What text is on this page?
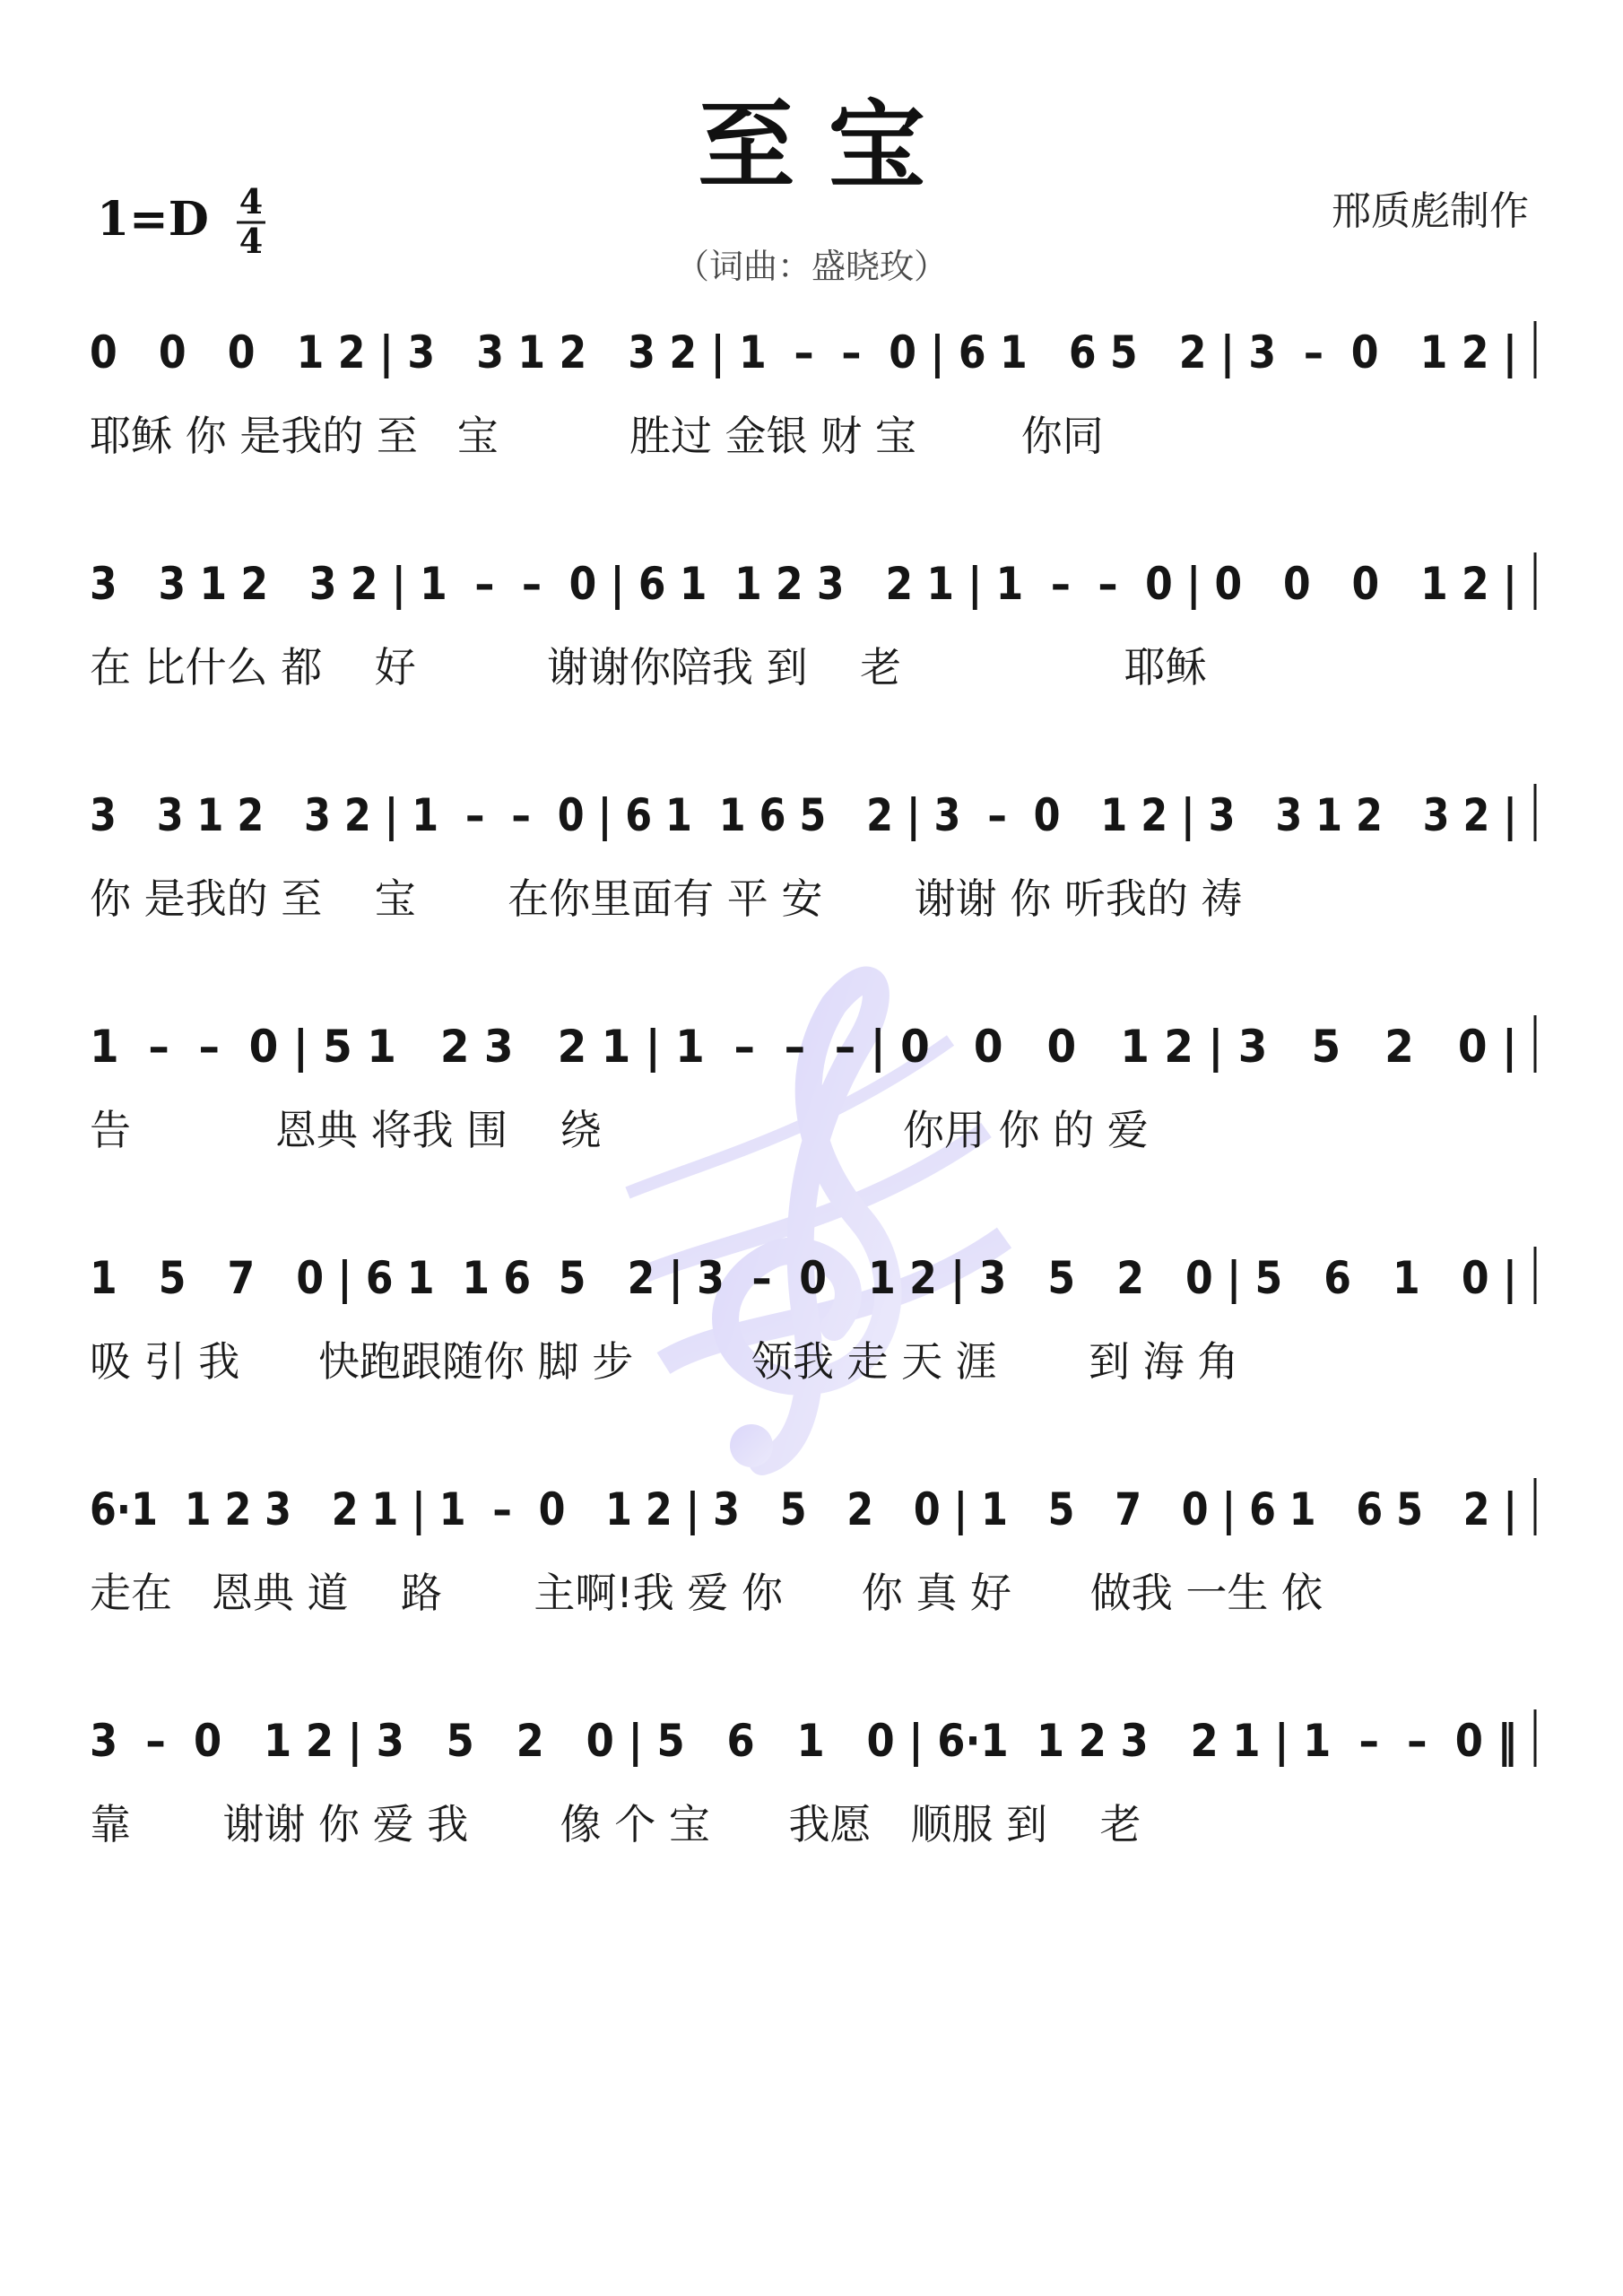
至 宝
1=D 4
4
邢质彪制作
（词曲：盛晓玫）
0   0   0   1 2 | 3   3 1 2   3 2 | 1  –  –  0 | 6 1   6 5   2 | 3  –  0   1 2 |
耶稣 你 是我的 至   宝          胜过 金银 财 宝        你同
3   3 1 2   3 2 | 1  –  –  0 | 6 1  1 2 3   2 1 | 1  –  –  0 | 0   0   0   1 2 |
在 比什么 都    好          谢谢你陪我 到    老                 耶稣
3   3 1 2   3 2 | 1  –  –  0 | 6 1  1 6 5   2 | 3  –  0   1 2 | 3   3 1 2   3 2 |
你 是我的 至    宝       在你里面有 平 安       谢谢 你 听我的 祷
1  –  –  0 | 5 1   2 3   2 1 | 1  –  –  – | 0   0   0   1 2 | 3   5   2   0 |
告           恩典 将我 围    绕                       你用 你 的 爱
1   5   7   0 | 6 1  1 6  5   2 | 3  –  0   1 2 | 3   5   2   0 | 5   6   1   0 |
吸 引 我      快跑跟随你 脚 步         领我 走 天 涯       到 海 角
6·1  1 2 3   2 1 | 1  –  0   1 2 | 3   5   2   0 | 1   5   7   0 | 6 1   6 5   2 |
走在   恩典 道    路       主啊!我 爱 你      你 真 好      做我 一生 依
3  –  0   1 2 | 3   5   2   0 | 5   6   1   0 | 6·1  1 2 3   2 1 | 1  –  –  0 ‖
靠       谢谢 你 爱 我       像 个 宝      我愿   顺服 到    老
